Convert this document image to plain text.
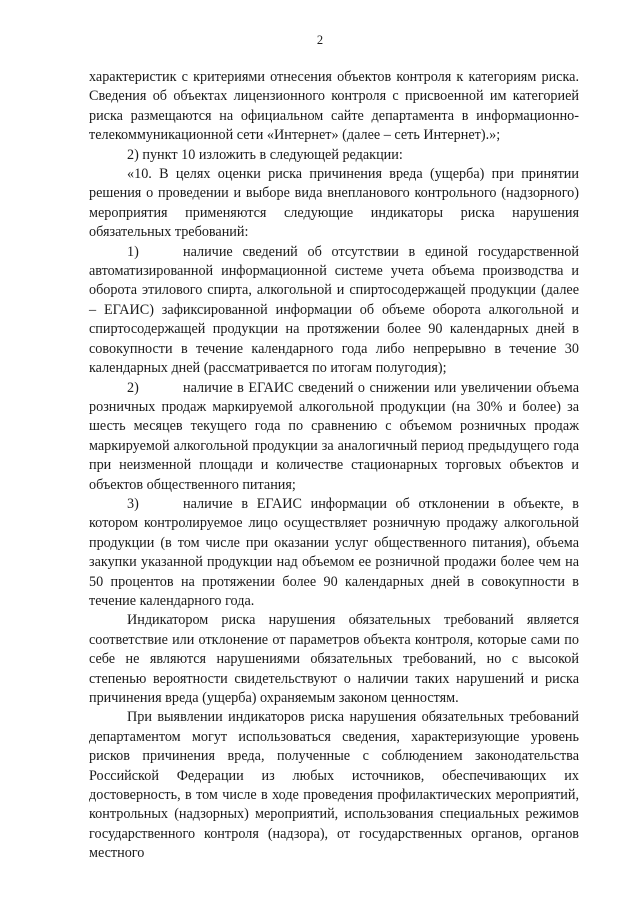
2

характеристик с критериями отнесения объектов контроля к категориям риска. Сведения об объектах лицензионного контроля с присвоенной им категорией риска размещаются на официальном сайте департамента в информационно-телекоммуникационной сети «Интернет» (далее – сеть Интернет).»;

2) пункт 10 изложить в следующей редакции:

«10. В целях оценки риска причинения вреда (ущерба) при принятии решения о проведении и выборе вида внепланового контрольного (надзорного) мероприятия применяются следующие индикаторы риска нарушения обязательных требований:

1)	наличие сведений об отсутствии в единой государственной автоматизированной информационной системе учета объема производства и оборота этилового спирта, алкогольной и спиртосодержащей продукции (далее – ЕГАИС) зафиксированной информации об объеме оборота алкогольной и спиртосодержащей продукции на протяжении более 90 календарных дней в совокупности в течение календарного года либо непрерывно в течение 30 календарных дней (рассматривается по итогам полугодия);

2)	наличие в ЕГАИС сведений о снижении или увеличении объема розничных продаж маркируемой алкогольной продукции (на 30% и более) за шесть месяцев текущего года по сравнению с объемом розничных продаж маркируемой алкогольной продукции за аналогичный период предыдущего года при неизменной площади и количестве стационарных торговых объектов и объектов общественного питания;

3)	наличие в ЕГАИС информации об отклонении в объекте, в котором контролируемое лицо осуществляет розничную продажу алкогольной продукции (в том числе при оказании услуг общественного питания), объема закупки указанной продукции над объемом ее розничной продажи более чем на 50 процентов на протяжении более 90 календарных дней в совокупности в течение календарного года.

Индикатором риска нарушения обязательных требований является соответствие или отклонение от параметров объекта контроля, которые сами по себе не являются нарушениями обязательных требований, но с высокой степенью вероятности свидетельствуют о наличии таких нарушений и риска причинения вреда (ущерба) охраняемым законом ценностям.

При выявлении индикаторов риска нарушения обязательных требований департаментом могут использоваться сведения, характеризующие уровень рисков причинения вреда, полученные с соблюдением законодательства Российской Федерации из любых источников, обеспечивающих их достоверность, в том числе в ходе проведения профилактических мероприятий, контрольных (надзорных) мероприятий, использования специальных режимов государственного контроля (надзора), от государственных органов, органов местного
